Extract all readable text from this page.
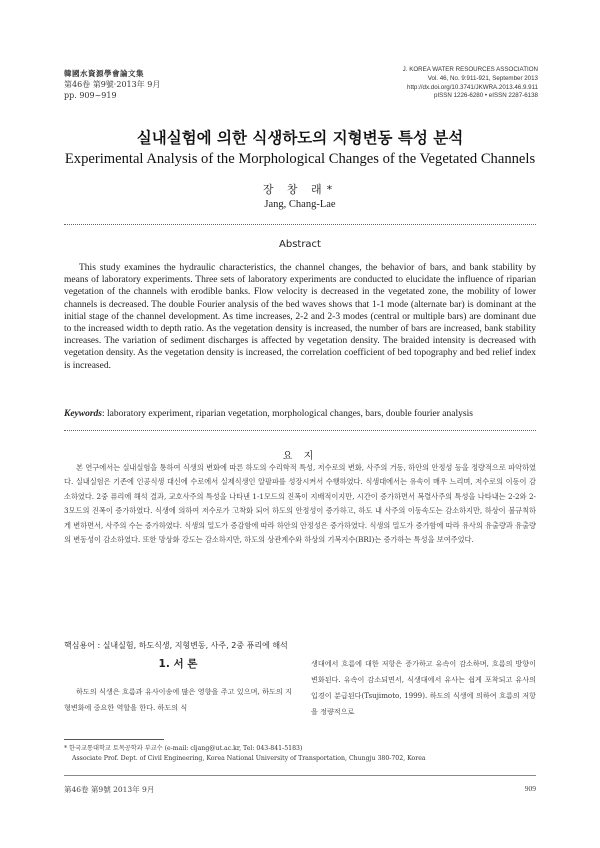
韓國水資源學會論文集
第46卷 第9號·2013年 9月
pp. 909~919
J. KOREA WATER RESOURCES ASSOCIATION
Vol. 46, No. 9:911-921, September 2013
http://dx.doi.org/10.3741/JKWRA.2013.46.9.911
pISSN 1226-6280 • eISSN 2287-6138
실내실험에 의한 식생하도의 지형변동 특성 분석
Experimental Analysis of the Morphological Changes of the Vegetated Channels
장 창 래*
Jang, Chang-Lae
Abstract

This study examines the hydraulic characteristics, the channel changes, the behavior of bars, and bank stability by means of laboratory experiments. Three sets of laboratory experiments are conducted to elucidate the influence of riparian vegetation of the channels with erodible banks. Flow velocity is decreased in the vegetated zone, the mobility of lower channels is decreased. The double Fourier analysis of the bed waves shows that 1-1 mode (alternate bar) is dominant at the initial stage of the channel development. As time increases, 2-2 and 2-3 modes (central or multiple bars) are dominant due to the increased width to depth ratio. As the vegetation density is increased, the number of bars are increased, bank stability increases. The variation of sediment discharges is affected by vegetation density. The braided intensity is decreased with vegetation density. As the vegetation density is increased, the correlation coefficient of bed topography and bed relief index is increased.

Keywords: laboratory experiment, riparian vegetation, morphological changes, bars, double fourier analysis
요 지

본 연구에서는 실내실험을 통하여 식생의 변화에 따른 하도의 수리학적 특성, 저수로의 변화, 사주의 거동, 하안의 안정성 등을 정량적으로 파악하였다. 실내실험은 기존에 인공식생 대신에 수로에서 실제식생인 알팔파를 성장시켜서 수행하였다. 식생대에서는 유속이 매우 느리며, 저수로의 이동이 감소하였다. 2중 퓨리에 해석 결과, 교호사주의 특성을 나타낸 1-1모드의 진폭이 지배적이지만, 시간이 증가하면서 복렬사주의 특성을 나타내는 2-2와 2-3모드의 진폭이 증가하였다. 식생에 의하여 저수로가 고착화 되어 하도의 안정성이 증가하고, 하도 내 사주의 이동속도는 감소하지만, 하상이 불규칙하게 변하면서, 사주의 수는 증가하였다. 식생의 밀도가 증감함에 따라 하안의 안정성은 증가하였다. 식생의 밀도가 증가함에 따라 유사의 유출량과 유출량의 변동성이 감소하였다. 또한 망상화 강도는 감소하지만, 하도의 상관계수와 하상의 기복지수(BRI)는 증가하는 특성을 보여주었다.

핵심용어 : 실내실험, 하도식생, 지형변동, 사주, 2중 퓨리에 해석
1. 서 론

하도의 식생은 흐름과 유사이송에 많은 영향을 주고 있으며, 하도의 지형변화에 중요한 역할을 한다. 하도의 식

생대에서 흐름에 대한 저항은 증가하고 유속이 감소하며, 흐름의 방향이 변화된다. 유속이 감소되면서, 식생대에서 유사는 쉽게 포착되고 유사의 입경이 분급된다(Tsujimoto, 1999). 하도의 식생에 의하여 흐름의 저항을 정량적으로

* 한국교통대학교 토목공학과 부교수 (e-mail: cljang@ut.ac.kr, Tel: 043-841-5183)
Associate Prof. Dept. of Civil Engineering, Korea National University of Transportation, Chungju 380-702, Korea
第46卷 第9號 2013年 9月	909
